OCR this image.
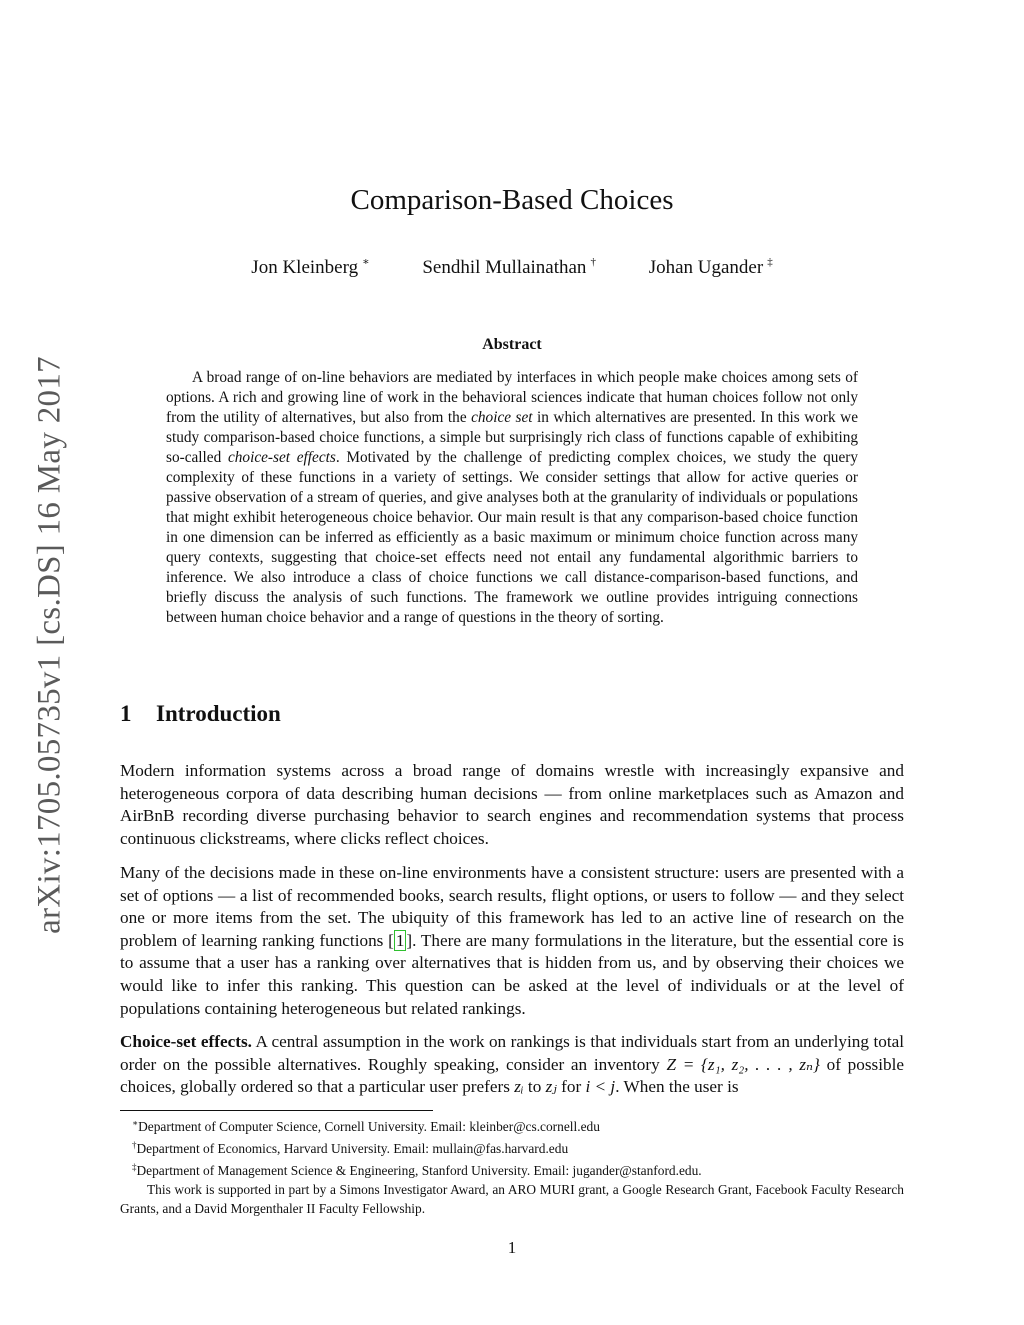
arXiv:1705.05735v1 [cs.DS] 16 May 2017
Comparison-Based Choices
Jon Kleinberg ∗	Sendhil Mullainathan †	Johan Ugander ‡
Abstract
A broad range of on-line behaviors are mediated by interfaces in which people make choices among sets of options. A rich and growing line of work in the behavioral sciences indicate that human choices follow not only from the utility of alternatives, but also from the choice set in which alternatives are presented. In this work we study comparison-based choice functions, a simple but surprisingly rich class of functions capable of exhibiting so-called choice-set effects. Motivated by the challenge of predicting complex choices, we study the query complexity of these functions in a variety of settings. We consider settings that allow for active queries or passive observation of a stream of queries, and give analyses both at the granularity of individuals or populations that might exhibit heterogeneous choice behavior. Our main result is that any comparison-based choice function in one dimension can be inferred as efficiently as a basic maximum or minimum choice function across many query contexts, suggesting that choice-set effects need not entail any fundamental algorithmic barriers to inference. We also introduce a class of choice functions we call distance-comparison-based functions, and briefly discuss the analysis of such functions. The framework we outline provides intriguing connections between human choice behavior and a range of questions in the theory of sorting.
1 Introduction
Modern information systems across a broad range of domains wrestle with increasingly expansive and heterogeneous corpora of data describing human decisions — from online marketplaces such as Amazon and AirBnB recording diverse purchasing behavior to search engines and recommendation systems that process continuous clickstreams, where clicks reflect choices.
Many of the decisions made in these on-line environments have a consistent structure: users are presented with a set of options — a list of recommended books, search results, flight options, or users to follow — and they select one or more items from the set. The ubiquity of this framework has led to an active line of research on the problem of learning ranking functions [ 1 ]. There are many formulations in the literature, but the essential core is to assume that a user has a ranking over alternatives that is hidden from us, and by observing their choices we would like to infer this ranking. This question can be asked at the level of individuals or at the level of populations containing heterogeneous but related rankings.
Choice-set effects. A central assumption in the work on rankings is that individuals start from an underlying total order on the possible alternatives. Roughly speaking, consider an inventory Z = {z₁, z₂, . . . , zₙ} of possible choices, globally ordered so that a particular user prefers zᵢ to zⱼ for i < j. When the user is

∗Department of Computer Science, Cornell University. Email: kleinber@cs.cornell.edu

†Department of Economics, Harvard University. Email: mullain@fas.harvard.edu

‡Department of Management Science & Engineering, Stanford University. Email: jugander@stanford.edu.

This work is supported in part by a Simons Investigator Award, an ARO MURI grant, a Google Research Grant, Facebook Faculty Research Grants, and a David Morgenthaler II Faculty Fellowship.

1
